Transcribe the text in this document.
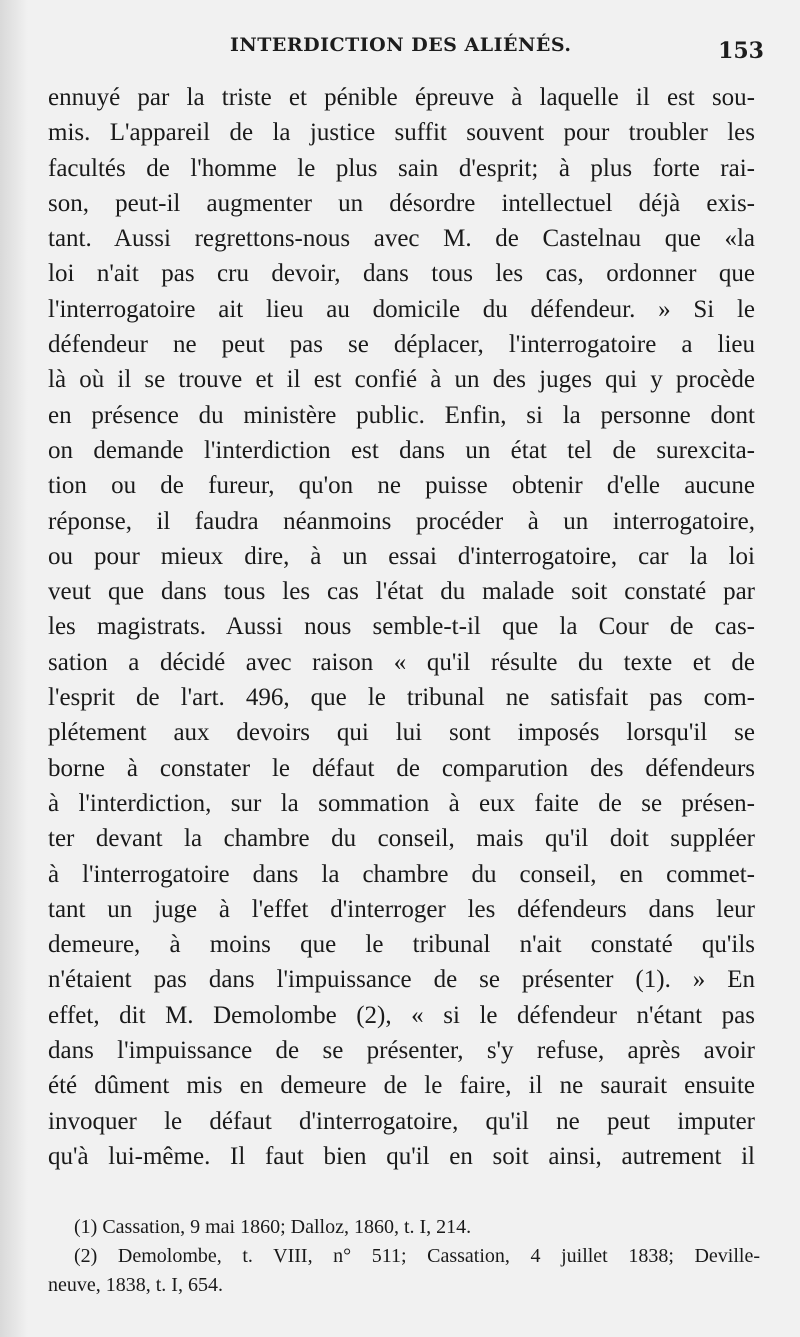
INTERDICTION DES ALIÉNÉS.	153
ennuyé par la triste et pénible épreuve à laquelle il est sou-
mis. L'appareil de la justice suffit souvent pour troubler les
facultés de l'homme le plus sain d'esprit; à plus forte rai-
son, peut-il augmenter un désordre intellectuel déjà exis-
tant. Aussi regrettons-nous avec M. de Castelnau que «la
loi n'ait pas cru devoir, dans tous les cas, ordonner que
l'interrogatoire ait lieu au domicile du défendeur. » Si le
défendeur ne peut pas se déplacer, l'interrogatoire a lieu
là où il se trouve et il est confié à un des juges qui y procède
en présence du ministère public. Enfin, si la personne dont
on demande l'interdiction est dans un état tel de surexcita-
tion ou de fureur, qu'on ne puisse obtenir d'elle aucune
réponse, il faudra néanmoins procéder à un interrogatoire,
ou pour mieux dire, à un essai d'interrogatoire, car la loi
veut que dans tous les cas l'état du malade soit constaté par
les magistrats. Aussi nous semble-t-il que la Cour de cas-
sation a décidé avec raison « qu'il résulte du texte et de
l'esprit de l'art. 496, que le tribunal ne satisfait pas com-
plétement aux devoirs qui lui sont imposés lorsqu'il se
borne à constater le défaut de comparution des défendeurs
à l'interdiction, sur la sommation à eux faite de se présen-
ter devant la chambre du conseil, mais qu'il doit suppléer
à l'interrogatoire dans la chambre du conseil, en commet-
tant un juge à l'effet d'interroger les défendeurs dans leur
demeure, à moins que le tribunal n'ait constaté qu'ils
n'étaient pas dans l'impuissance de se présenter (1). » En
effet, dit M. Demolombe (2), « si le défendeur n'étant pas
dans l'impuissance de se présenter, s'y refuse, après avoir
été dûment mis en demeure de le faire, il ne saurait ensuite
invoquer le défaut d'interrogatoire, qu'il ne peut imputer
qu'à lui-même. Il faut bien qu'il en soit ainsi, autrement il
(1) Cassation, 9 mai 1860; Dalloz, 1860, t. I, 214.
(2) Demolombe, t. VIII, n° 511; Cassation, 4 juillet 1838; Deville-
neuve, 1838, t. I, 654.
